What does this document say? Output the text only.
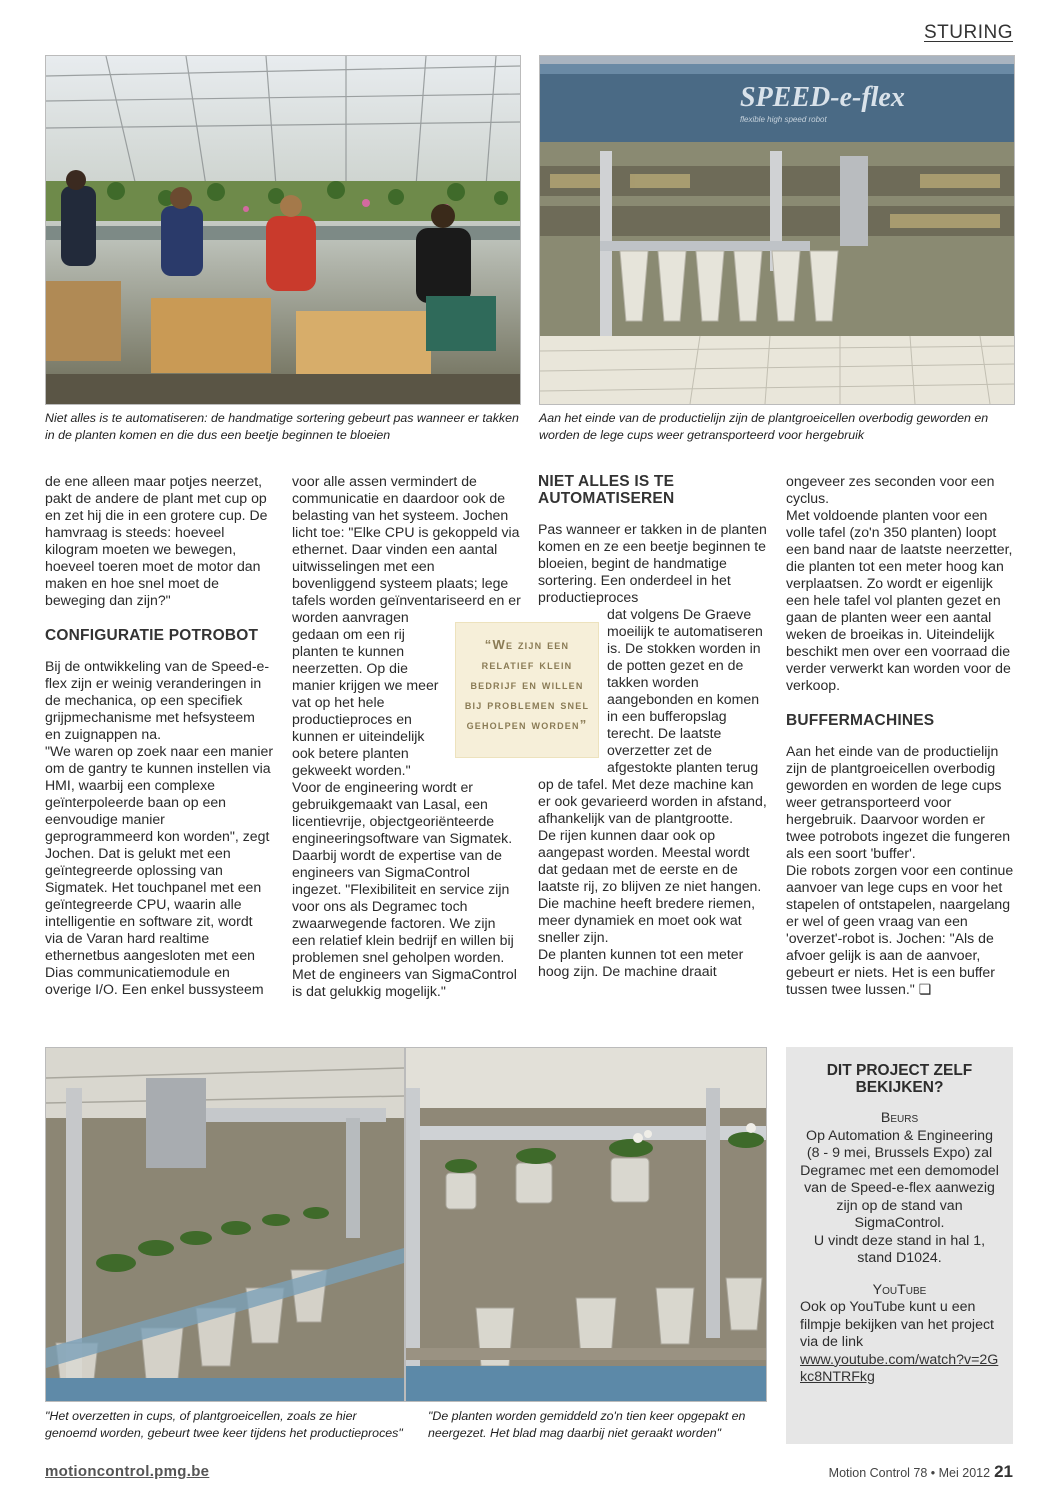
STURING
SPEED-e-flex
flexible high speed robot
Niet alles is te automatiseren: de handmatige sortering gebeurt pas wanneer er takken in de planten komen en die dus een beetje beginnen te bloeien
Aan het einde van de productielijn zijn de plantgroeicellen overbodig geworden en worden de lege cups weer getransporteerd voor hergebruik

de ene alleen maar potjes neerzet, pakt de andere de plant met cup op en zet hij die in een grotere cup. De hamvraag is steeds: hoeveel kilogram moeten we bewegen, hoeveel toeren moet de motor dan maken en hoe snel moet de beweging dan zijn?"

CONFIGURATIE POTROBOT

Bij de ontwikkeling van de Speed-e-flex zijn er weinig veranderingen in de mechanica, op een specifiek grijpmechanisme met hefsysteem en zuignappen na.

"We waren op zoek naar een manier om de gantry te kunnen instellen via HMI, waarbij een complexe geïnterpoleerde baan op een eenvoudige manier geprogrammeerd kon worden", zegt Jochen. Dat is gelukt met een geïntegreerde oplossing van Sigmatek. Het touchpanel met een geïntegreerde CPU, waarin alle intelligentie en software zit, wordt via de Varan hard realtime ethernetbus aangesloten met een Dias communicatiemodule en overige I/O. Een enkel bussysteem

voor alle assen vermindert de communicatie en daardoor ook de belasting van het systeem. Jochen licht toe: "Elke CPU is gekoppeld via ethernet. Daar vinden een aantal uitwisselingen met een bovenliggend systeem plaats; lege tafels worden geïnventariseerd en er worden aanvragen

gedaan om een rij planten te kunnen neerzetten. Op die manier krijgen we meer vat op het hele productieproces en kunnen er uiteindelijk ook betere planten gekweekt worden."

Voor de engineering wordt er gebruikgemaakt van Lasal, een licentievrije, objectgeoriënteerde engineeringsoftware van Sigmatek. Daarbij wordt de expertise van de engineers van SigmaControl ingezet. "Flexibiliteit en service zijn voor ons als Degramec toch zwaarwegende factoren. We zijn een relatief klein bedrijf en willen bij problemen snel geholpen worden. Met de engineers van SigmaControl is dat gelukkig mogelijk."

“We zijn een relatief klein bedrijf en willen bij problemen snel geholpen worden”
NIET ALLES IS TE AUTOMATISEREN

Pas wanneer er takken in de planten komen en ze een beetje beginnen te bloeien, begint de handmatige sortering. Een onderdeel in het productieproces

dat volgens De Graeve moeilijk te automatiseren is. De stokken worden in de potten gezet en de takken worden aangebonden en komen in een bufferopslag terecht. De laatste overzetter zet de afgestokte planten terug

op de tafel. Met deze machine kan er ook gevarieerd worden in afstand, afhankelijk van de plantgrootte.

De rijen kunnen daar ook op aangepast worden. Meestal wordt dat gedaan met de eerste en de laatste rij, zo blijven ze niet hangen. Die machine heeft bredere riemen, meer dynamiek en moet ook wat sneller zijn.

De planten kunnen tot een meter hoog zijn. De machine draait

ongeveer zes seconden voor een cyclus.

Met voldoende planten voor een volle tafel (zo'n 350 planten) loopt een band naar de laatste neerzetter, die planten tot een meter hoog kan verplaatsen. Zo wordt er eigenlijk een hele tafel vol planten gezet en gaan de planten weer een aantal weken de broeikas in. Uiteindelijk beschikt men over een voorraad die verder verwerkt kan worden voor de verkoop.

BUFFERMACHINES

Aan het einde van de productielijn zijn de plantgroeicellen overbodig geworden en worden de lege cups weer getransporteerd voor hergebruik. Daarvoor worden er twee potrobots ingezet die fungeren als een soort 'buffer'.

Die robots zorgen voor een continue aanvoer van lege cups en voor het stapelen of ontstapelen, naargelang er wel of geen vraag van een 'overzet'-robot is. Jochen: "Als de afvoer gelijk is aan de aanvoer, gebeurt er niets. Het is een buffer tussen twee lussen." ❏

"Het overzetten in cups, of plantgroeicellen, zoals ze hier genoemd worden, gebeurt twee keer tijdens het productieproces"
"De planten worden gemiddeld zo'n tien keer opgepakt en neergezet. Het blad mag daarbij niet geraakt worden"
DIT PROJECT ZELF BEKIJKEN?
Beurs
Op Automation & Engineering (8 - 9 mei, Brussels Expo) zal Degramec met een demomodel van de Speed-e-flex aanwezig zijn op de stand van SigmaControl.
U vindt deze stand in hal 1, stand D1024.
YouTube
Ook op YouTube kunt u een filmpje bekijken van het project via de link
www.youtube.com/watch?v=2Gkc8NTRFkg
motioncontrol.pmg.be	Motion Control 78 • Mei 2012 21
